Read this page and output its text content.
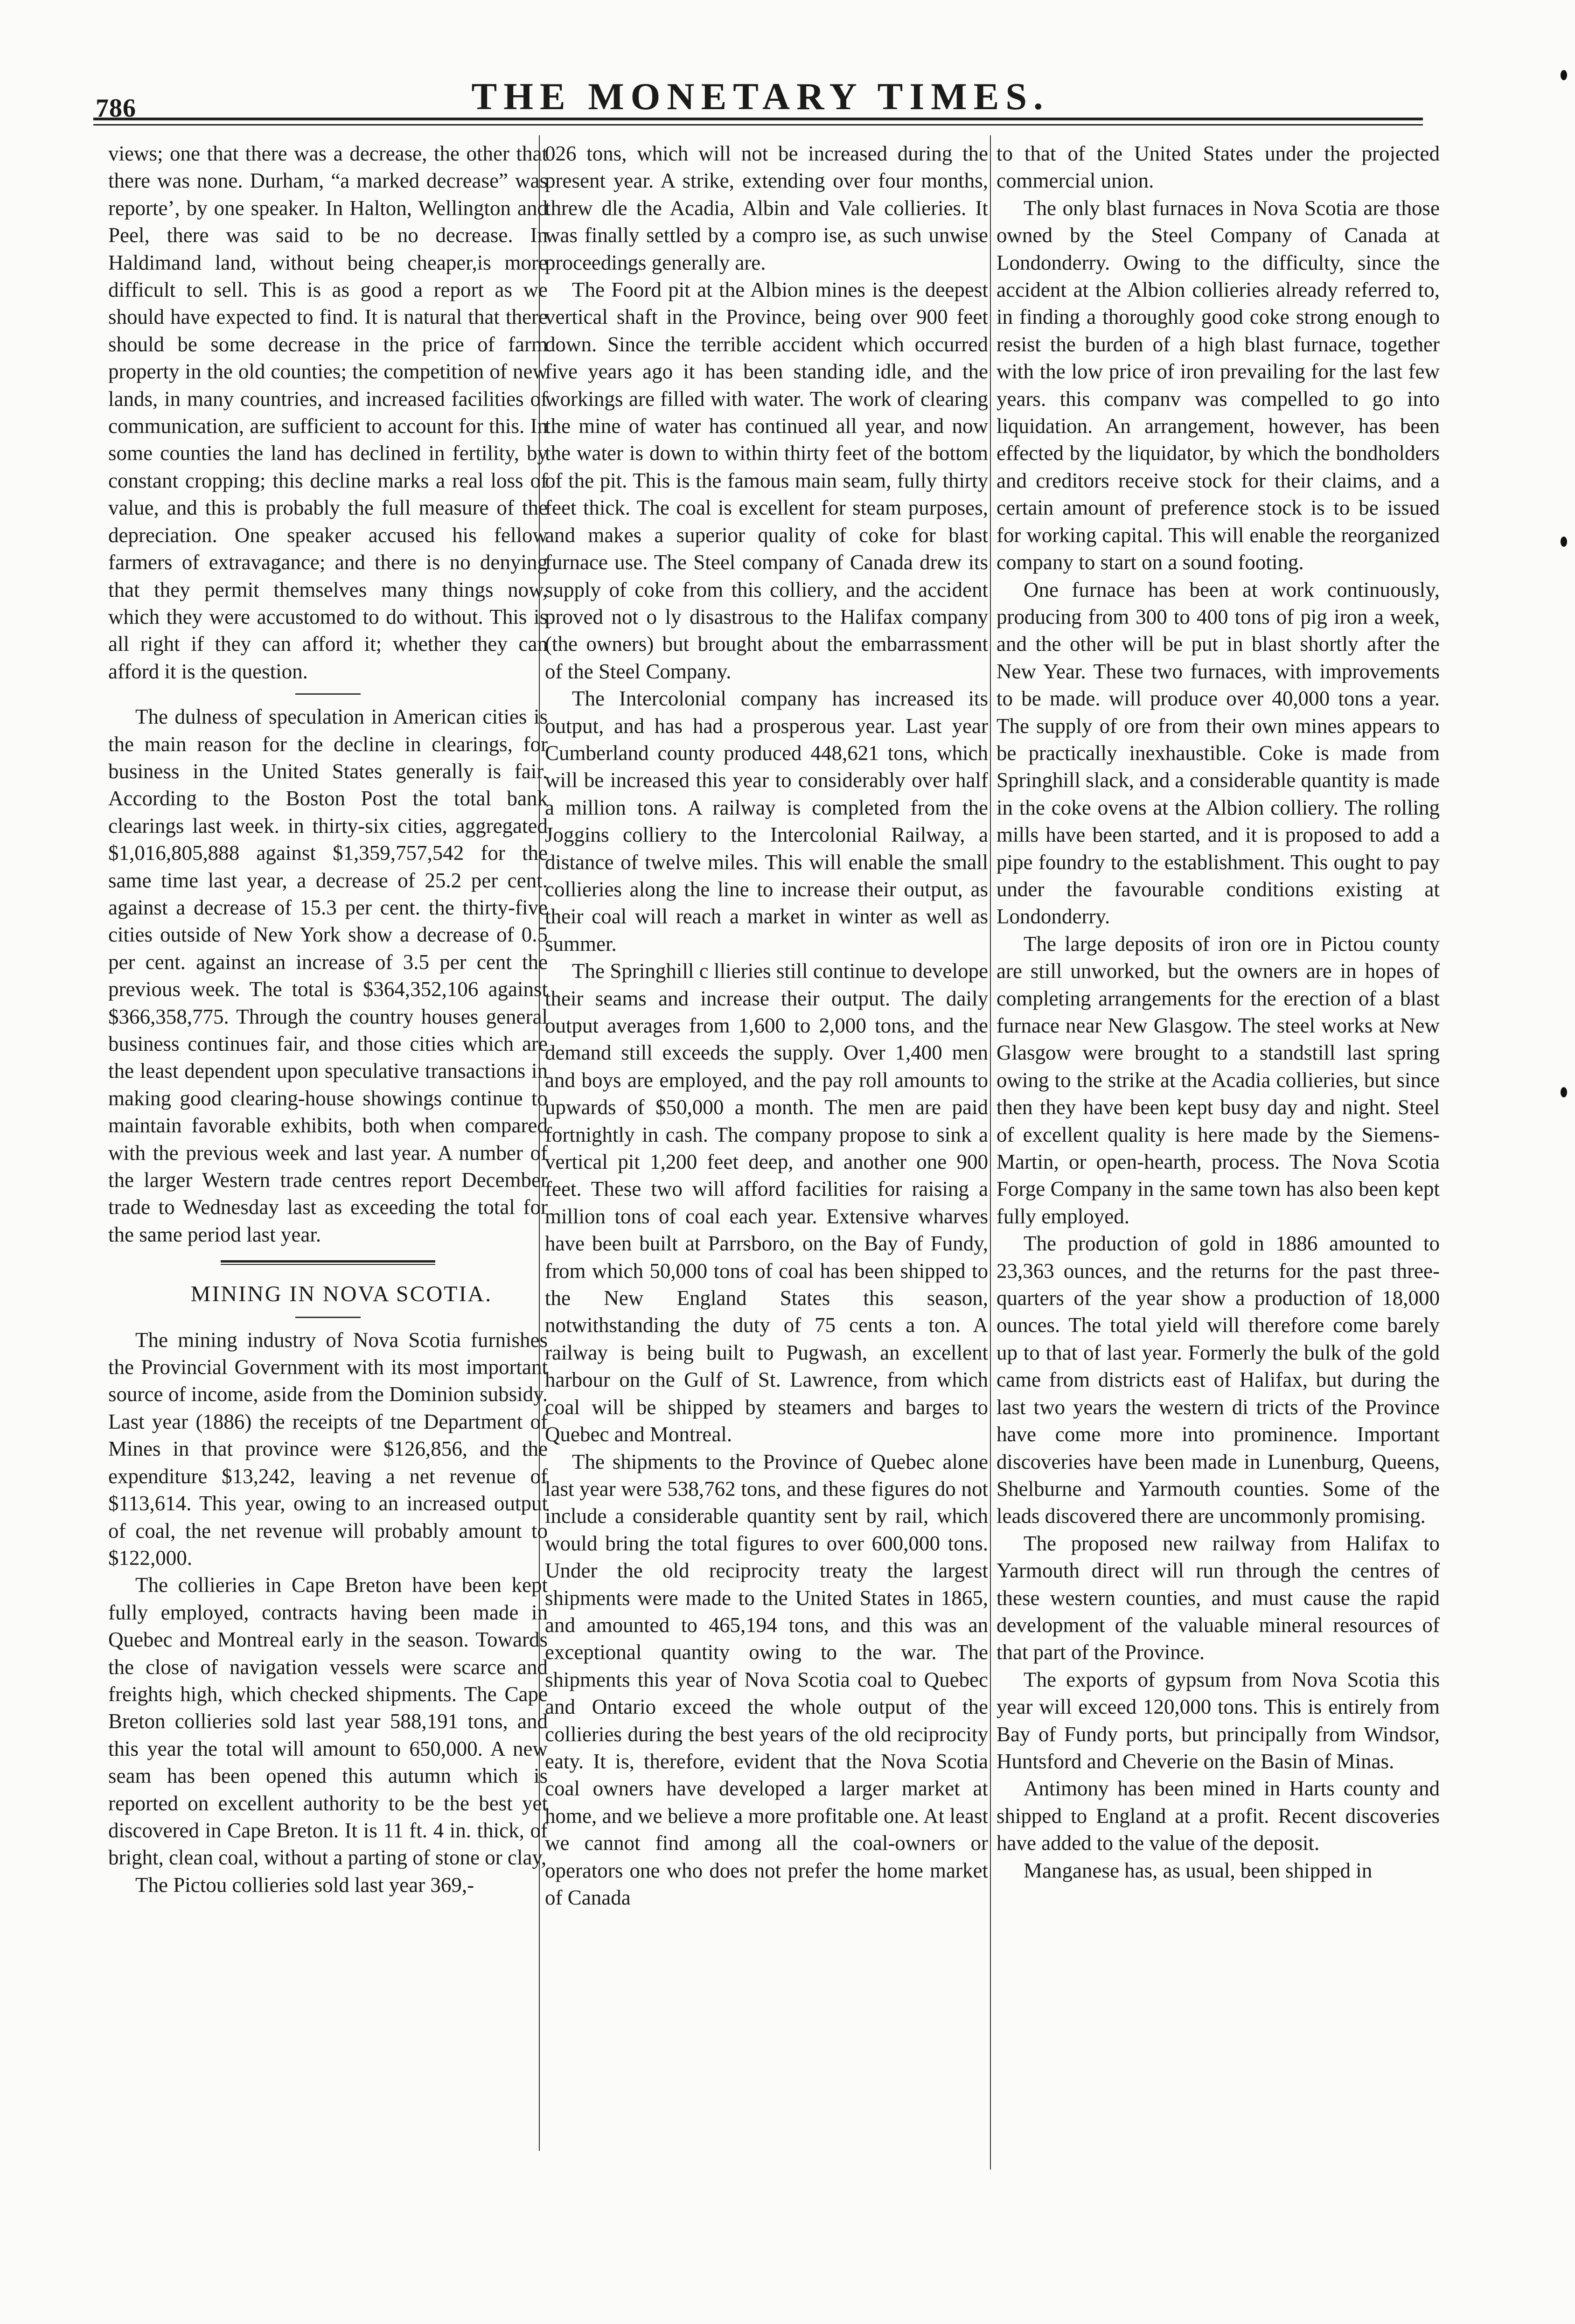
786	THE MONETARY TIMES.

views; one that there was a decrease, the other that there was none. Durham, “a marked decrease” was reporte’, by one speaker. In Halton, Wellington and Peel, there was said to be no decrease. In Haldimand land, without being cheaper,is more difficult to sell. This is as good a report as we should have expected to find. It is natural that there should be some decrease in the price of farm property in the old counties; the competition of new lands, in many countries, and increased facilities of communication, are sufficient to account for this. In some counties the land has declined in fertility, by constant cropping; this decline marks a real loss of value, and this is probably the full measure of the depreciation. One speaker accused his fellow farmers of extravagance; and there is no denying that they permit themselves many things now, which they were accustomed to do without. This is all right if they can afford it; whether they can afford it is the question.

The dulness of speculation in American cities is the main reason for the decline in clearings, for business in the United States generally is fair. According to the Boston Post the total bank clearings last week. in thirty-six cities, aggregated $1,016,805,888 against $1,359,757,542 for the same time last year, a decrease of 25.2 per cent. against a decrease of 15.3 per cent. the thirty-five cities outside of New York show a decrease of 0.5 per cent. against an increase of 3.5 per cent the previous week. The total is $364,352,106 against $366,358,775. Through the country houses general business continues fair, and those cities which are the least dependent upon speculative transactions in making good clearing-house showings continue to maintain favorable exhibits, both when compared with the previous week and last year. A number of the larger Western trade centres report December trade to Wednesday last as exceeding the total for the same period last year.

MINING IN NOVA SCOTIA.

The mining industry of Nova Scotia furnishes the Provincial Government with its most important source of income, aside from the Dominion subsidy. Last year (1886) the receipts of tne Department of Mines in that province were $126,856, and the expenditure $13,242, leaving a net revenue of $113,614. This year, owing to an increased output of coal, the net revenue will probably amount to $122,000.

The collieries in Cape Breton have been kept fully employed, contracts having been made in Quebec and Montreal early in the season. Towards the close of navigation vessels were scarce and freights high, which checked shipments. The Cape Breton collieries sold last year 588,191 tons, and this year the total will amount to 650,000. A new seam has been opened this autumn which is reported on excellent authority to be the best yet discovered in Cape Breton. It is 11 ft. 4 in. thick, of bright, clean coal, without a parting of stone or clay,

The Pictou collieries sold last year 369,-

026 tons, which will not be increased during the present year. A strike, extending over four months, threw dle the Acadia, Albin and Vale collieries. It was finally settled by a compro ise, as such unwise proceedings generally are.

The Foord pit at the Albion mines is the deepest vertical shaft in the Province, being over 900 feet down. Since the terrible accident which occurred five years ago it has been standing idle, and the workings are filled with water. The work of clearing the mine of water has continued all year, and now the water is down to within thirty feet of the bottom of the pit. This is the famous main seam, fully thirty feet thick. The coal is excellent for steam purposes, and makes a superior quality of coke for blast furnace use. The Steel company of Canada drew its supply of coke from this colliery, and the accident proved not o ly disastrous to the Halifax company (the owners) but brought about the embarrassment of the Steel Company.

The Intercolonial company has increased its output, and has had a prosperous year. Last year Cumberland county produced 448,621 tons, which will be increased this year to considerably over half a million tons. A railway is completed from the Joggins colliery to the Intercolonial Railway, a distance of twelve miles. This will enable the small collieries along the line to increase their output, as their coal will reach a market in winter as well as summer.

The Springhill c llieries still continue to develope their seams and increase their output. The daily output averages from 1,600 to 2,000 tons, and the demand still exceeds the supply. Over 1,400 men and boys are employed, and the pay roll amounts to upwards of $50,000 a month. The men are paid fortnightly in cash. The company propose to sink a vertical pit 1,200 feet deep, and another one 900 feet. These two will afford facilities for raising a million tons of coal each year. Extensive wharves have been built at Parrsboro, on the Bay of Fundy, from which 50,000 tons of coal has been shipped to the New England States this season, notwithstanding the duty of 75 cents a ton. A railway is being built to Pugwash, an excellent harbour on the Gulf of St. Lawrence, from which coal will be shipped by steamers and barges to Quebec and Montreal.

The shipments to the Province of Quebec alone last year were 538,762 tons, and these figures do not include a considerable quantity sent by rail, which would bring the total figures to over 600,000 tons. Under the old reciprocity treaty the largest shipments were made to the United States in 1865, and amounted to 465,194 tons, and this was an exceptional quantity owing to the war. The shipments this year of Nova Scotia coal to Quebec and Ontario exceed the whole output of the collieries during the best years of the old reciprocity eaty. It is, therefore, evident that the Nova Scotia coal owners have developed a larger market at home, and we believe a more profitable one. At least we cannot find among all the coal-owners or operators one who does not prefer the home market of Canada

to that of the United States under the projected commercial union.

The only blast furnaces in Nova Scotia are those owned by the Steel Company of Canada at Londonderry. Owing to the difficulty, since the accident at the Albion collieries already referred to, in finding a thoroughly good coke strong enough to resist the burden of a high blast furnace, together with the low price of iron prevailing for the last few years. this companv was compelled to go into liquidation. An arrangement, however, has been effected by the liquidator, by which the bondholders and creditors receive stock for their claims, and a certain amount of preference stock is to be issued for working capital. This will enable the reorganized company to start on a sound footing.

One furnace has been at work continuously, producing from 300 to 400 tons of pig iron a week, and the other will be put in blast shortly after the New Year. These two furnaces, with improvements to be made. will produce over 40,000 tons a year. The supply of ore from their own mines appears to be practically inexhaustible. Coke is made from Springhill slack, and a considerable quantity is made in the coke ovens at the Albion colliery. The rolling mills have been started, and it is proposed to add a pipe foundry to the establishment. This ought to pay under the favourable conditions existing at Londonderry.

The large deposits of iron ore in Pictou county are still unworked, but the owners are in hopes of completing arrangements for the erection of a blast furnace near New Glasgow. The steel works at New Glasgow were brought to a standstill last spring owing to the strike at the Acadia collieries, but since then they have been kept busy day and night. Steel of excellent quality is here made by the Siemens-Martin, or open-hearth, process. The Nova Scotia Forge Company in the same town has also been kept fully employed.

The production of gold in 1886 amounted to 23,363 ounces, and the returns for the past three-quarters of the year show a production of 18,000 ounces. The total yield will therefore come barely up to that of last year. Formerly the bulk of the gold came from districts east of Halifax, but during the last two years the western di tricts of the Province have come more into prominence. Important discoveries have been made in Lunenburg, Queens, Shelburne and Yarmouth counties. Some of the leads discovered there are uncommonly promising.

The proposed new railway from Halifax to Yarmouth direct will run through the centres of these western counties, and must cause the rapid development of the valuable mineral resources of that part of the Province.

The exports of gypsum from Nova Scotia this year will exceed 120,000 tons. This is entirely from Bay of Fundy ports, but principally from Windsor, Huntsford and Cheverie on the Basin of Minas.

Antimony has been mined in Harts county and shipped to England at a profit. Recent discoveries have added to the value of the deposit.

Manganese has, as usual, been shipped in
